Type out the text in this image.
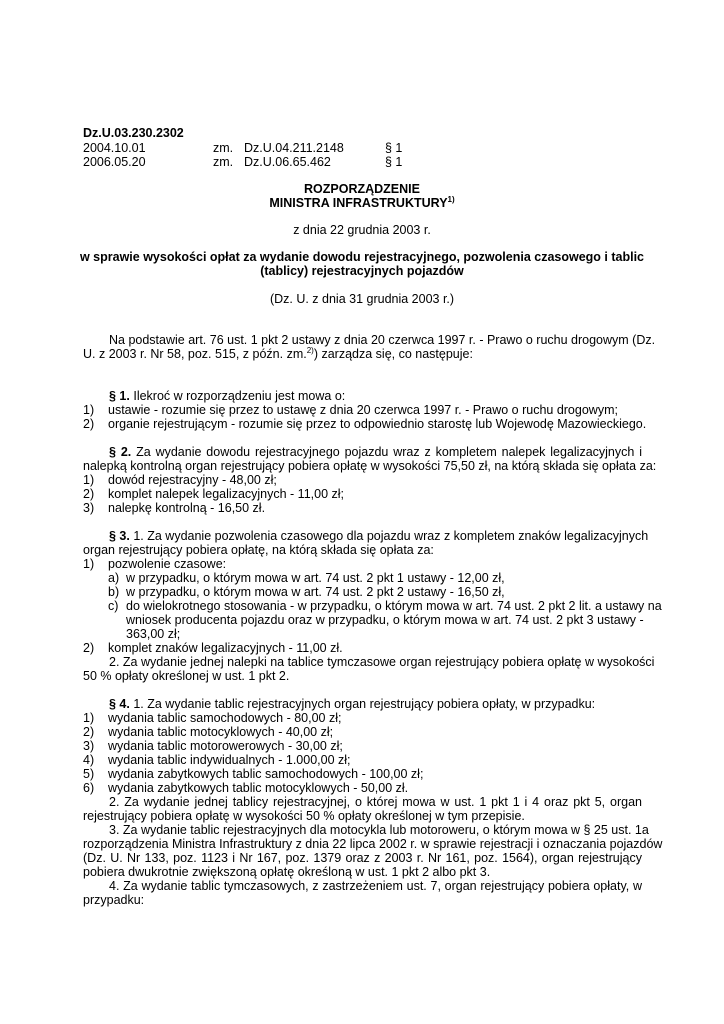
Dz.U.03.230.2302
2004.10.01	zm. Dz.U.04.211.2148	§ 1
2006.05.20	zm. Dz.U.06.65.462	§ 1
ROZPORZĄDZENIE
MINISTRA INFRASTRUKTURY$^{1)}$
z dnia 22 grudnia 2003 r.
w sprawie wysokości opłat za wydanie dowodu rejestracyjnego, pozwolenia czasowego i tablic
(tablicy) rejestracyjnych pojazdów
(Dz. U. z dnia 31 grudnia 2003 r.)
Na podstawie art. 76 ust. 1 pkt 2 ustawy z dnia 20 czerwca 1997 r. - Prawo o ruchu drogowym (Dz.
U. z 2003 r. Nr 58, poz. 515, z późn. zm.$^{2)}$) zarządza się, co następuje:
§ 1. Ilekroć w rozporządzeniu jest mowa o:
1) ustawie - rozumie się przez to ustawę z dnia 20 czerwca 1997 r. - Prawo o ruchu drogowym;
2) organie rejestrującym - rozumie się przez to odpowiednio starostę lub Wojewodę Mazowieckiego.
§ 2. Za wydanie dowodu rejestracyjnego pojazdu wraz z kompletem nalepek legalizacyjnych i
nalepką kontrolną organ rejestrujący pobiera opłatę w wysokości 75,50 zł, na którą składa się opłata za:
1) dowód rejestracyjny - 48,00 zł;
2) komplet nalepek legalizacyjnych - 11,00 zł;
3) nalepkę kontrolną - 16,50 zł.
§ 3. 1. Za wydanie pozwolenia czasowego dla pojazdu wraz z kompletem znaków legalizacyjnych
organ rejestrujący pobiera opłatę, na którą składa się opłata za:
1) pozwolenie czasowe:
a) w przypadku, o którym mowa w art. 74 ust. 2 pkt 1 ustawy - 12,00 zł,
b) w przypadku, o którym mowa w art. 74 ust. 2 pkt 2 ustawy - 16,50 zł,
c) do wielokrotnego stosowania - w przypadku, o którym mowa w art. 74 ust. 2 pkt 2 lit. a ustawy na
wniosek producenta pojazdu oraz w przypadku, o którym mowa w art. 74 ust. 2 pkt 3 ustawy -
363,00 zł;
2) komplet znaków legalizacyjnych - 11,00 zł.
2. Za wydanie jednej nalepki na tablice tymczasowe organ rejestrujący pobiera opłatę w wysokości
50 % opłaty określonej w ust. 1 pkt 2.
§ 4. 1. Za wydanie tablic rejestracyjnych organ rejestrujący pobiera opłaty, w przypadku:
1) wydania tablic samochodowych - 80,00 zł;
2) wydania tablic motocyklowych - 40,00 zł;
3) wydania tablic motorowerowych - 30,00 zł;
4) wydania tablic indywidualnych - 1.000,00 zł;
5) wydania zabytkowych tablic samochodowych - 100,00 zł;
6) wydania zabytkowych tablic motocyklowych - 50,00 zł.
2. Za wydanie jednej tablicy rejestracyjnej, o której mowa w ust. 1 pkt 1 i 4 oraz pkt 5, organ
rejestrujący pobiera opłatę w wysokości 50 % opłaty określonej w tym przepisie.
3. Za wydanie tablic rejestracyjnych dla motocykla lub motoroweru, o którym mowa w § 25 ust. 1a
rozporządzenia Ministra Infrastruktury z dnia 22 lipca 2002 r. w sprawie rejestracji i oznaczania pojazdów
(Dz. U. Nr 133, poz. 1123 i Nr 167, poz. 1379 oraz z 2003 r. Nr 161, poz. 1564), organ rejestrujący
pobiera dwukrotnie zwiększoną opłatę określoną w ust. 1 pkt 2 albo pkt 3.
4. Za wydanie tablic tymczasowych, z zastrzeżeniem ust. 7, organ rejestrujący pobiera opłaty, w
przypadku:
